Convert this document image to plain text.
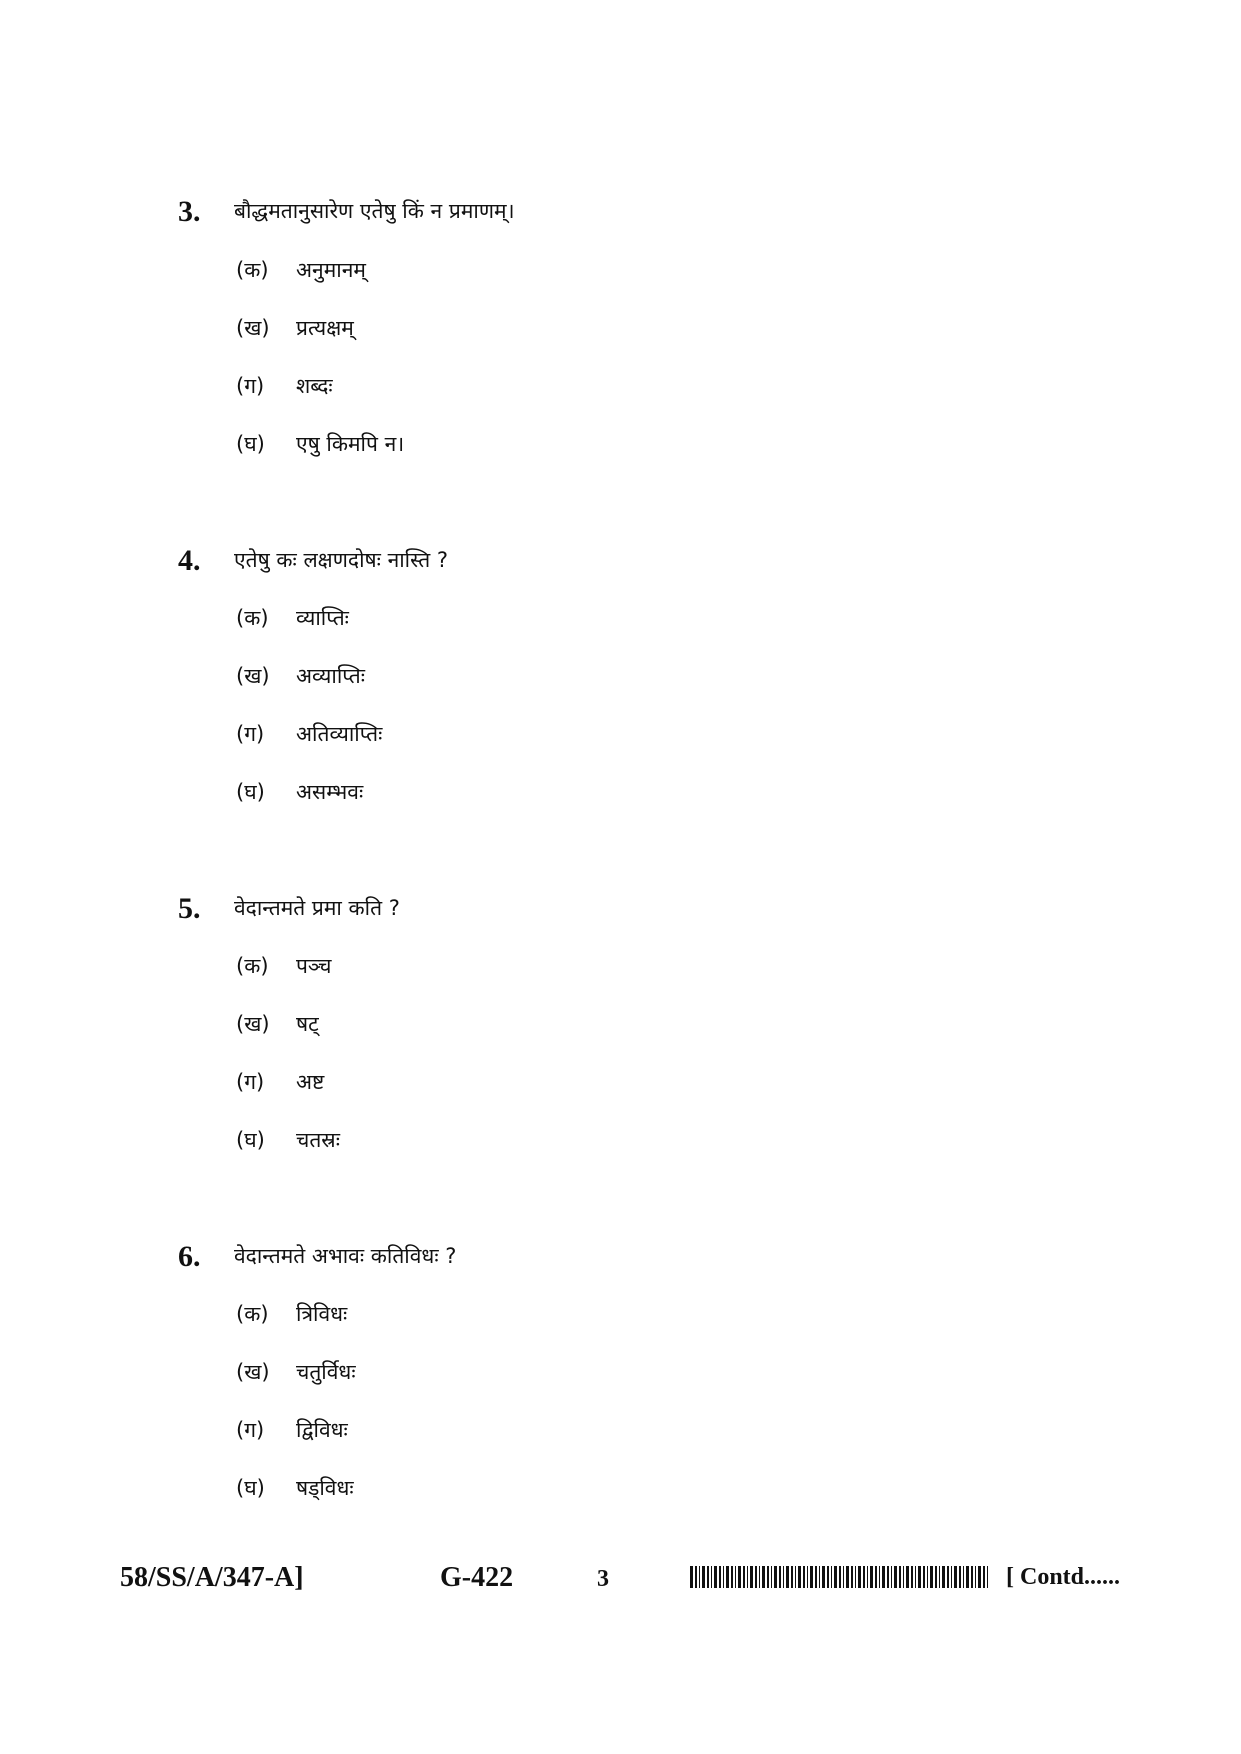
3. बौद्धमतानुसारेण एतेषु किं न प्रमाणम्।
(क) अनुमानम्
(ख) प्रत्यक्षम्
(ग) शब्दः
(घ) एषु किमपि न।
4. एतेषु कः लक्षणदोषः नास्ति ?
(क) व्याप्तिः
(ख) अव्याप्तिः
(ग) अतिव्याप्तिः
(घ) असम्भवः
5. वेदान्तमते प्रमा कति ?
(क) पञ्च
(ख) षट्
(ग) अष्ट
(घ) चतस्रः
6. वेदान्तमते अभावः कतिविधः ?
(क) त्रिविधः
(ख) चतुर्विधः
(ग) द्विविधः
(घ) षड्विधः
58/SS/A/347-A]	G-422	3	[ Contd......
